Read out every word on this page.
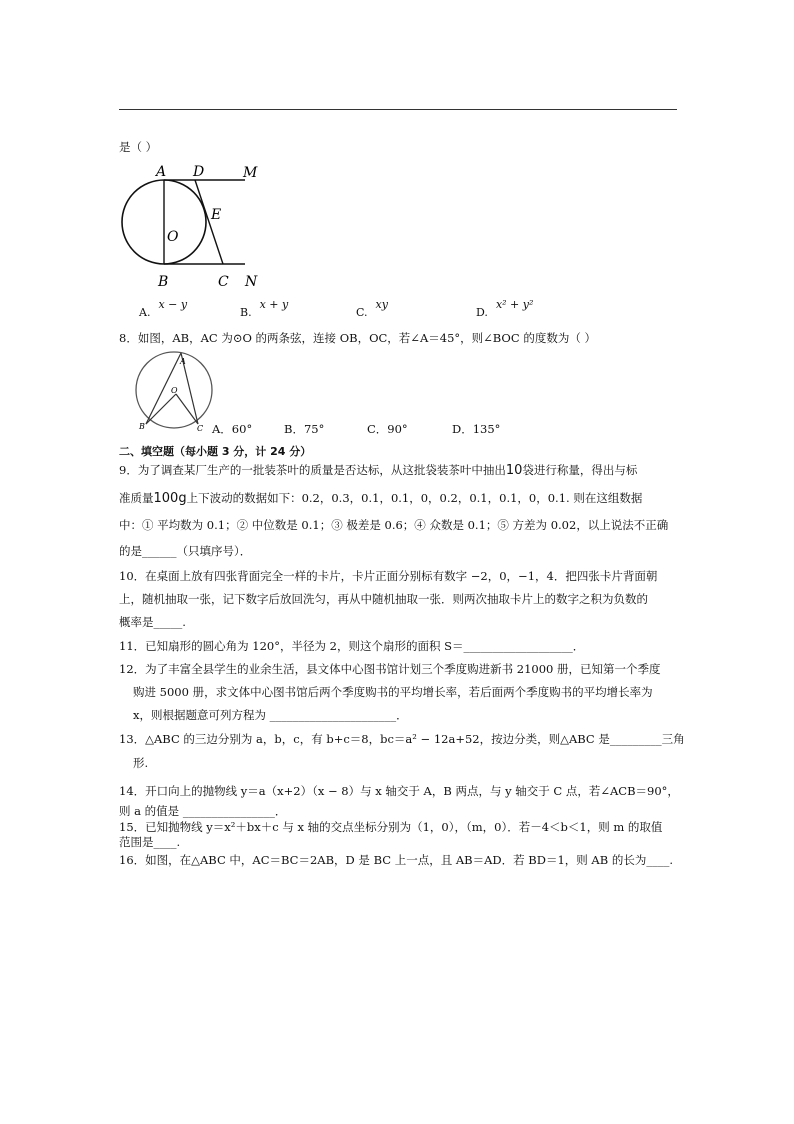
是（ ）
A D	M
E
O
B	C N
A.x − y
B.x + y
C.xy
D.x² + y²
8．如图，AB，AC 为⊙O 的两条弦，连接 OB，OC，若∠A＝45°，则∠BOC 的度数为（ ）
A
O
B	C A．60°	B．75°	C．90°	D．135°
二、填空题（每小题 3 分，计 24 分）
9．为了调查某厂生产的一批装茶叶的质量是否达标，从这批袋装茶叶中抽出10袋进行称量，得出与标
准质量100g上下波动的数据如下：0.2，0.3，0.1，0.1，0，0.2，0.1，0.1，0，0.1. 则在这组数据
中：① 平均数为 0.1；② 中位数是 0.1；③ 极差是 0.6；④ 众数是 0.1；⑤ 方差为 0.02，以上说法不正确
的是______（只填序号）．
10．在桌面上放有四张背面完全一样的卡片，卡片正面分别标有数字 −2，0，−1，4．把四张卡片背面朝
上，随机抽取一张，记下数字后放回洗匀，再从中随机抽取一张．则两次抽取卡片上的数字之积为负数的
概率是_____.
11．已知扇形的圆心角为 120°，半径为 2，则这个扇形的面积 S＝___________________．
12．为了丰富全县学生的业余生活，县文体中心图书馆计划三个季度购进新书 21000 册，已知第一个季度
购进 5000 册，求文体中心图书馆后两个季度购书的平均增长率，若后面两个季度购书的平均增长率为
x，则根据题意可列方程为 ______________________．
13．△ABC 的三边分别为 a，b，c，有 b+c＝8，bc＝a² − 12a+52，按边分类，则△ABC 是_________三角
形.
14．开口向上的抛物线 y＝a（x+2）（x − 8）与 x 轴交于 A，B 两点，与 y 轴交于 C 点，若∠ACB＝90°，
则 a 的值是 ________________．
15．已知抛物线 y＝x²＋bx＋c 与 x 轴的交点坐标分别为（1，0），（m，0）．若－4＜b＜1，则 m 的取值
范围是____.
16．如图，在△ABC 中，AC＝BC＝2AB，D 是 BC 上一点，且 AB＝AD．若 BD＝1，则 AB 的长为____.
